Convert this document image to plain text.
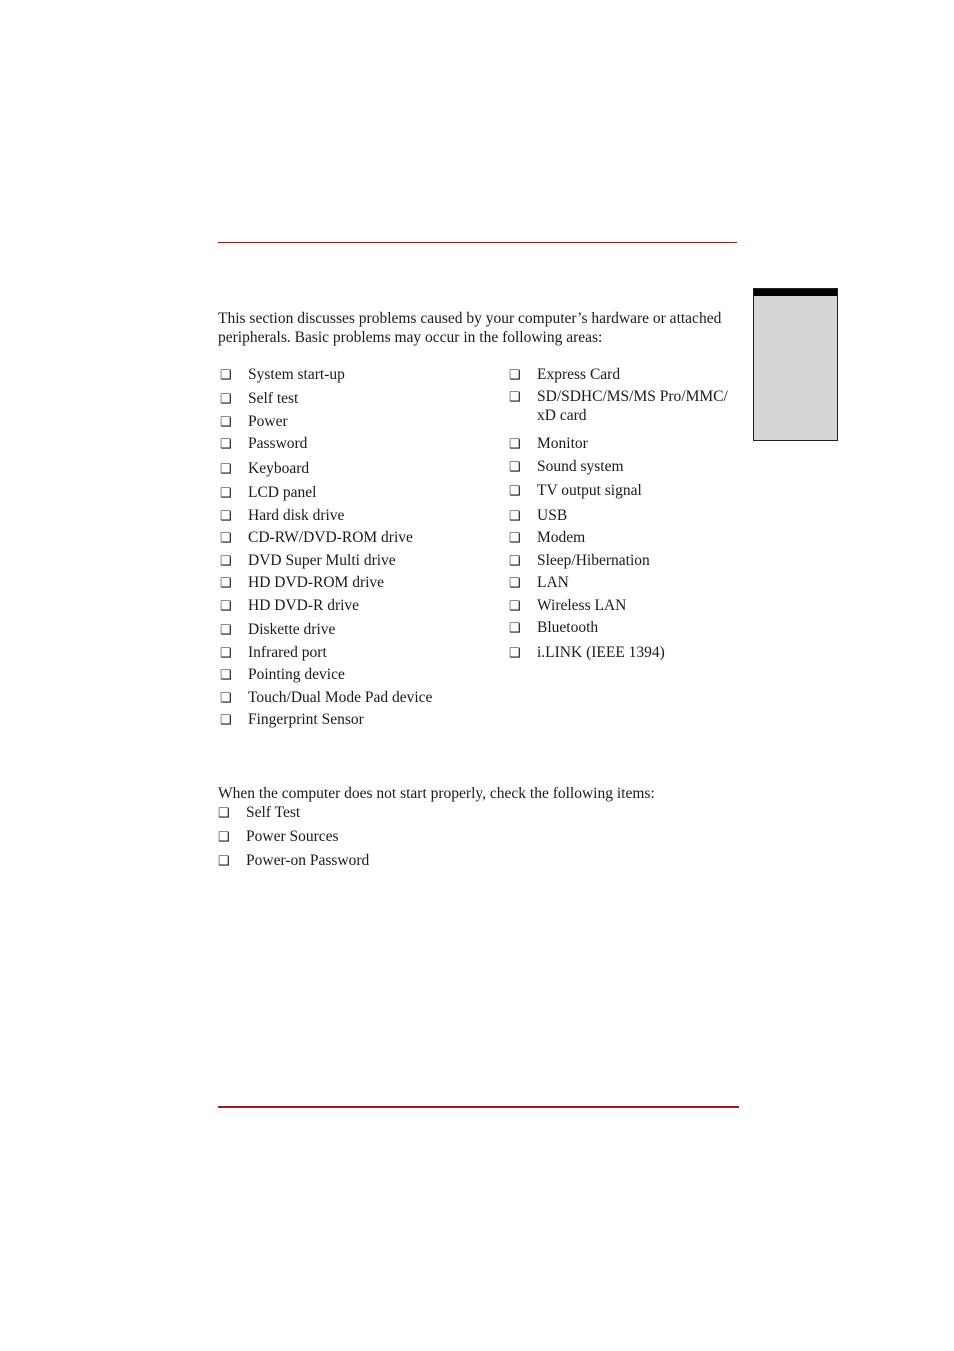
This section discusses problems caused by your computer’s hardware or attached peripherals. Basic problems may occur in the following areas:

❑ System start-up
❑ Self test
❑ Power
❑ Password
❑ Keyboard
❑ LCD panel
❑ Hard disk drive
❑ CD-RW/DVD-ROM drive
❑ DVD Super Multi drive
❑ HD DVD-ROM drive
❑ HD DVD-R drive
❑ Diskette drive
❑ Infrared port
❑ Pointing device
❑ Touch/Dual Mode Pad device
❑ Fingerprint Sensor
❑ Express Card
❑ SD/SDHC/MS/MS Pro/MMC/
xD card
❑ Monitor
❑ Sound system
❑ TV output signal
❑ USB
❑ Modem
❑ Sleep/Hibernation
❑ LAN
❑ Wireless LAN
❑ Bluetooth
❑ i.LINK (IEEE 1394)

When the computer does not start properly, check the following items:

❑ Self Test
❑ Power Sources
❑ Power-on Password
